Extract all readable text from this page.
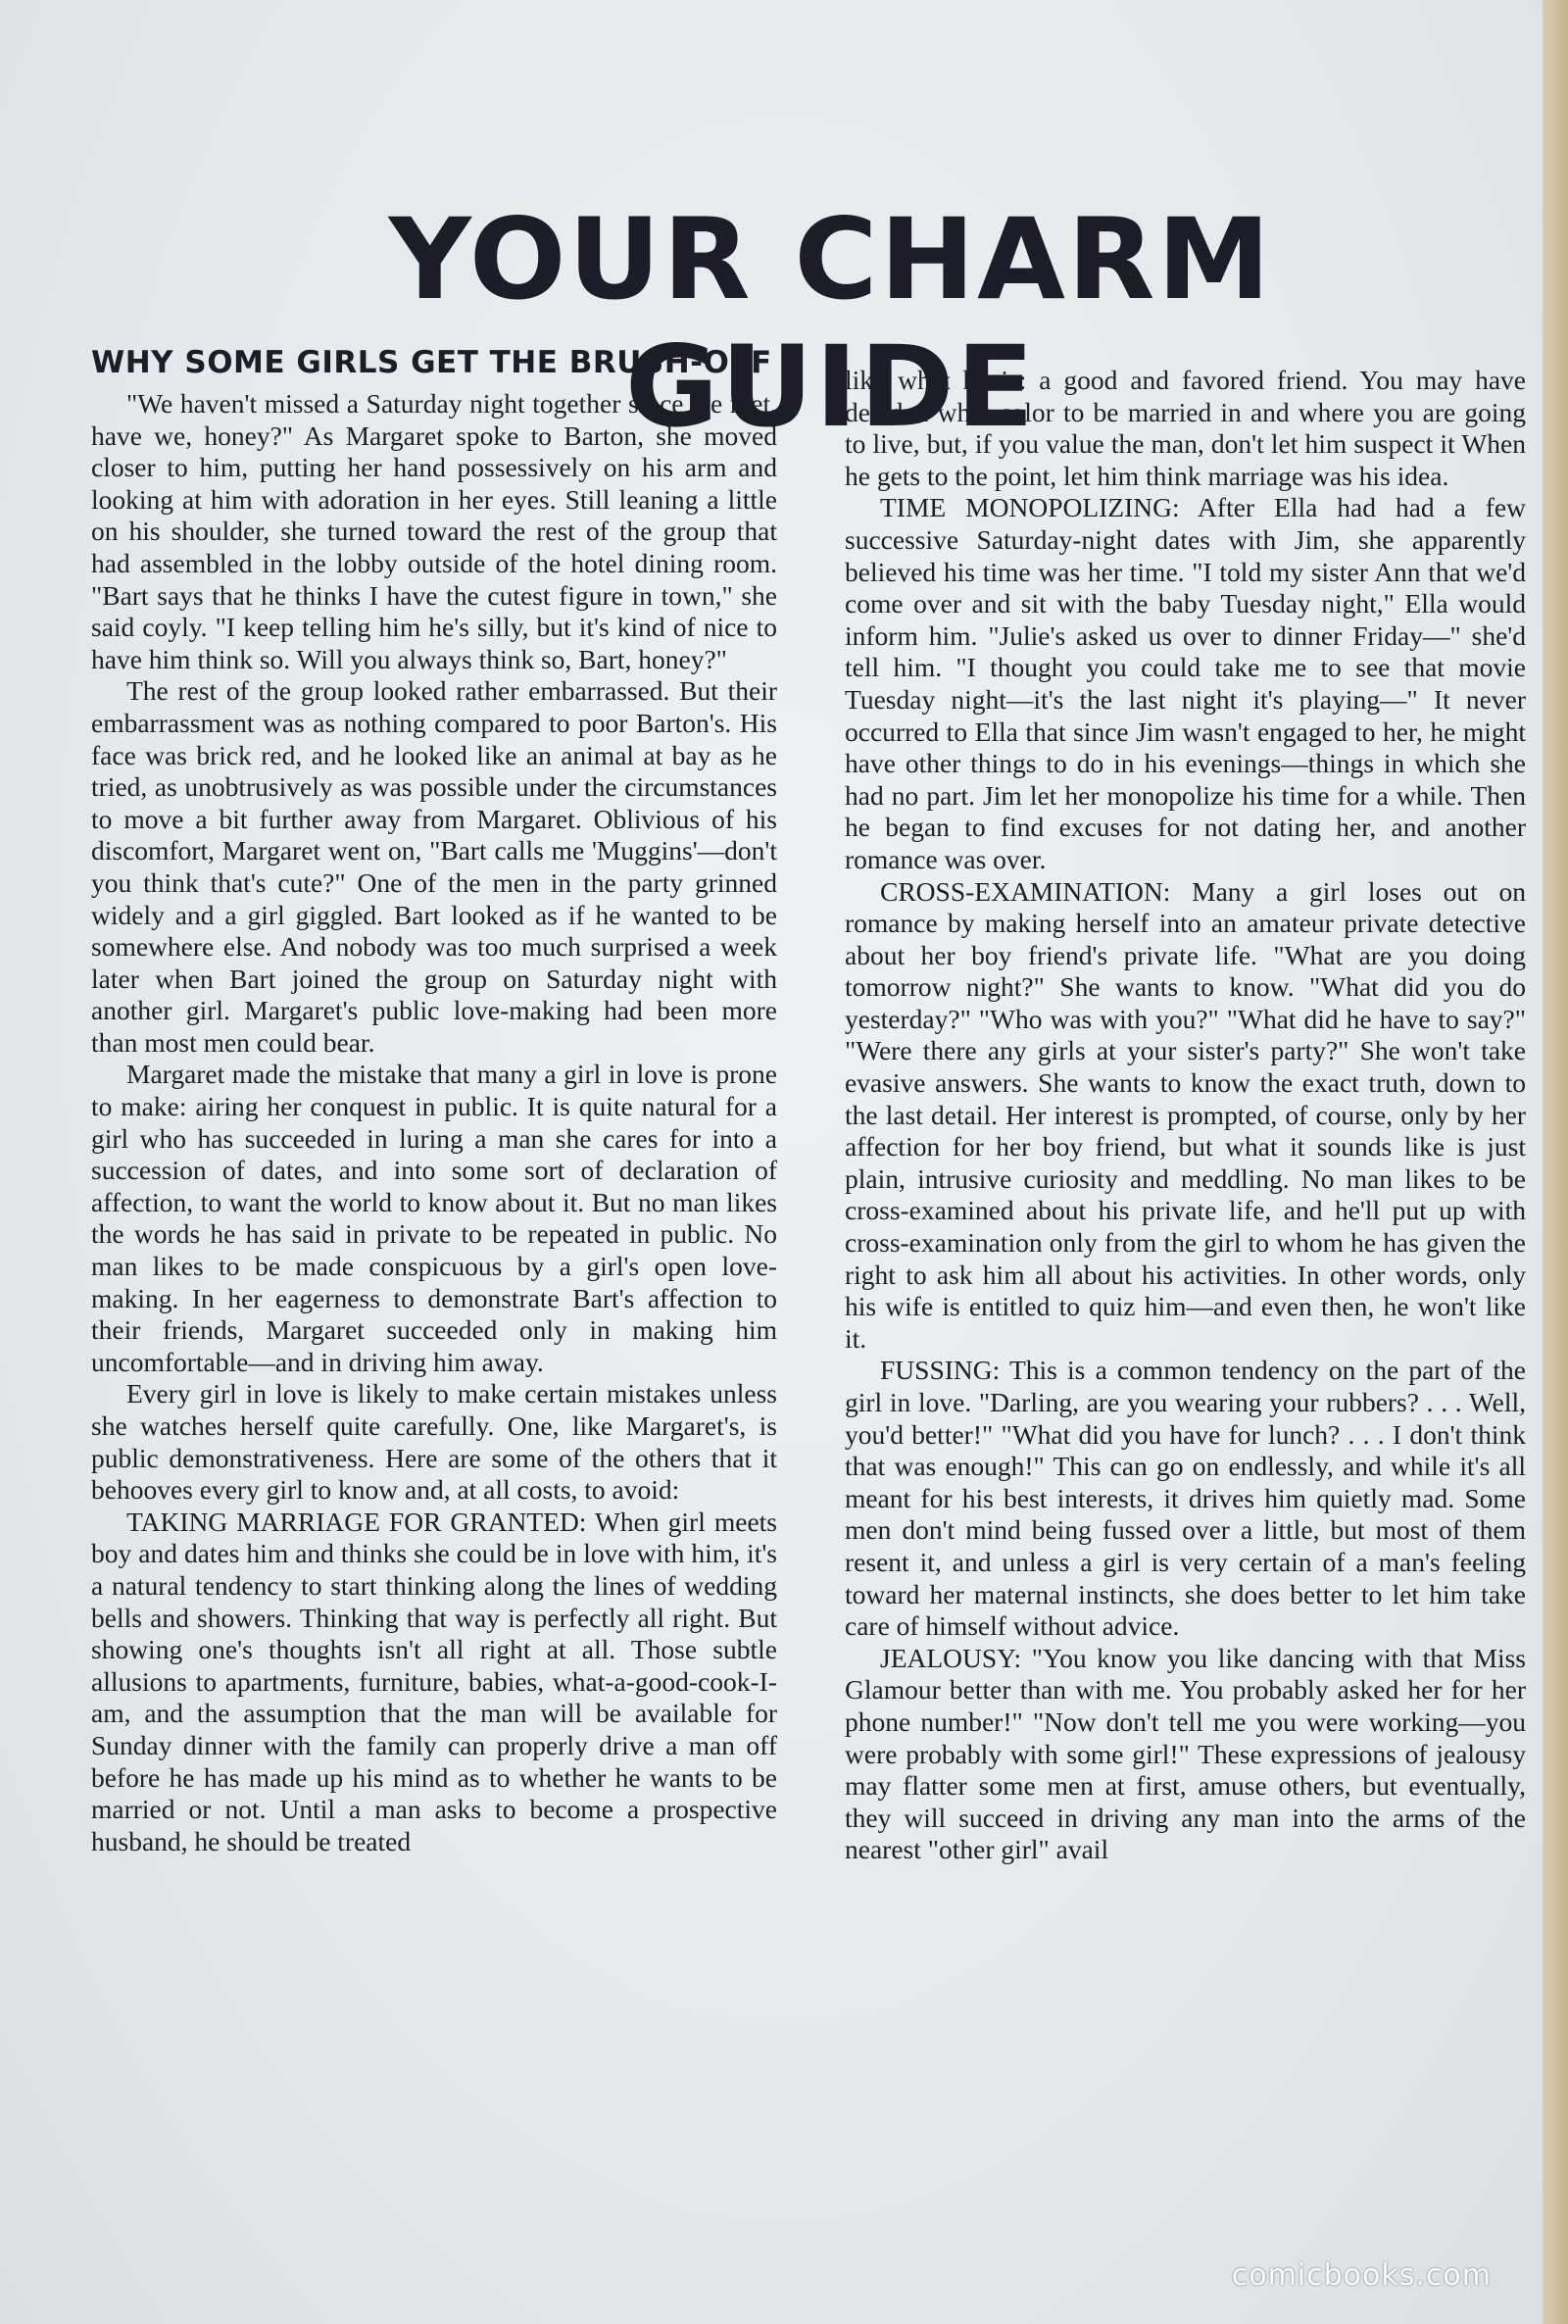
YOUR CHARM GUIDE
WHY SOME GIRLS GET THE BRUSH-OFF

"We haven't missed a Saturday night together since we met, have we, honey?" As Margaret spoke to Barton, she moved closer to him, putting her hand possessively on his arm and looking at him with adoration in her eyes. Still leaning a little on his shoulder, she turned toward the rest of the group that had assembled in the lobby outside of the hotel dining room. "Bart says that he thinks I have the cutest figure in town," she said coyly. "I keep telling him he's silly, but it's kind of nice to have him think so. Will you always think so, Bart, honey?"

The rest of the group looked rather embarrassed. But their embarrassment was as nothing compared to poor Barton's. His face was brick red, and he looked like an animal at bay as he tried, as unobtrusively as was possible under the circumstances to move a bit further away from Margaret. Oblivious of his discomfort, Margaret went on, "Bart calls me 'Muggins'—don't you think that's cute?" One of the men in the party grinned widely and a girl giggled. Bart looked as if he wanted to be somewhere else. And nobody was too much surprised a week later when Bart joined the group on Saturday night with another girl. Margaret's public love-making had been more than most men could bear.

Margaret made the mistake that many a girl in love is prone to make: airing her conquest in public. It is quite natural for a girl who has succeeded in luring a man she cares for into a succession of dates, and into some sort of declaration of affection, to want the world to know about it. But no man likes the words he has said in private to be repeated in public. No man likes to be made conspicuous by a girl's open love-making. In her eagerness to demonstrate Bart's affection to their friends, Margaret succeeded only in making him uncomfortable—and in driving him away.

Every girl in love is likely to make certain mistakes unless she watches herself quite carefully. One, like Margaret's, is public demonstrativeness. Here are some of the others that it behooves every girl to know and, at all costs, to avoid:

TAKING MARRIAGE FOR GRANTED: When girl meets boy and dates him and thinks she could be in love with him, it's a natural tendency to start thinking along the lines of wedding bells and showers. Thinking that way is perfectly all right. But showing one's thoughts isn't all right at all. Those subtle allusions to apartments, furniture, babies, what-a-good-cook-I-am, and the assumption that the man will be available for Sunday dinner with the family can properly drive a man off before he has made up his mind as to whether he wants to be married or not. Until a man asks to become a prospective husband, he should be treated

like what he is: a good and favored friend. You may have decided what color to be married in and where you are going to live, but, if you value the man, don't let him suspect it When he gets to the point, let him think marriage was his idea.

TIME MONOPOLIZING: After Ella had had a few successive Saturday-night dates with Jim, she apparently believed his time was her time. "I told my sister Ann that we'd come over and sit with the baby Tuesday night," Ella would inform him. "Julie's asked us over to dinner Friday—" she'd tell him. "I thought you could take me to see that movie Tuesday night—it's the last night it's playing—" It never occurred to Ella that since Jim wasn't engaged to her, he might have other things to do in his evenings—things in which she had no part. Jim let her monopolize his time for a while. Then he began to find excuses for not dating her, and another romance was over.

CROSS-EXAMINATION: Many a girl loses out on romance by making herself into an amateur private detective about her boy friend's private life. "What are you doing tomorrow night?" She wants to know. "What did you do yesterday?" "Who was with you?" "What did he have to say?" "Were there any girls at your sister's party?" She won't take evasive answers. She wants to know the exact truth, down to the last detail. Her interest is prompted, of course, only by her affection for her boy friend, but what it sounds like is just plain, intrusive curiosity and meddling. No man likes to be cross-examined about his private life, and he'll put up with cross-examination only from the girl to whom he has given the right to ask him all about his activities. In other words, only his wife is entitled to quiz him—and even then, he won't like it.

FUSSING: This is a common tendency on the part of the girl in love. "Darling, are you wearing your rubbers? . . . Well, you'd better!" "What did you have for lunch? . . . I don't think that was enough!" This can go on endlessly, and while it's all meant for his best interests, it drives him quietly mad. Some men don't mind being fussed over a little, but most of them resent it, and unless a girl is very certain of a man's feeling toward her maternal instincts, she does better to let him take care of himself without advice.

JEALOUSY: "You know you like dancing with that Miss Glamour better than with me. You probably asked her for her phone number!" "Now don't tell me you were working—you were probably with some girl!" These expressions of jealousy may flatter some men at first, amuse others, but eventually, they will succeed in driving any man into the arms of the nearest "other girl" avail

comicbooks.com
